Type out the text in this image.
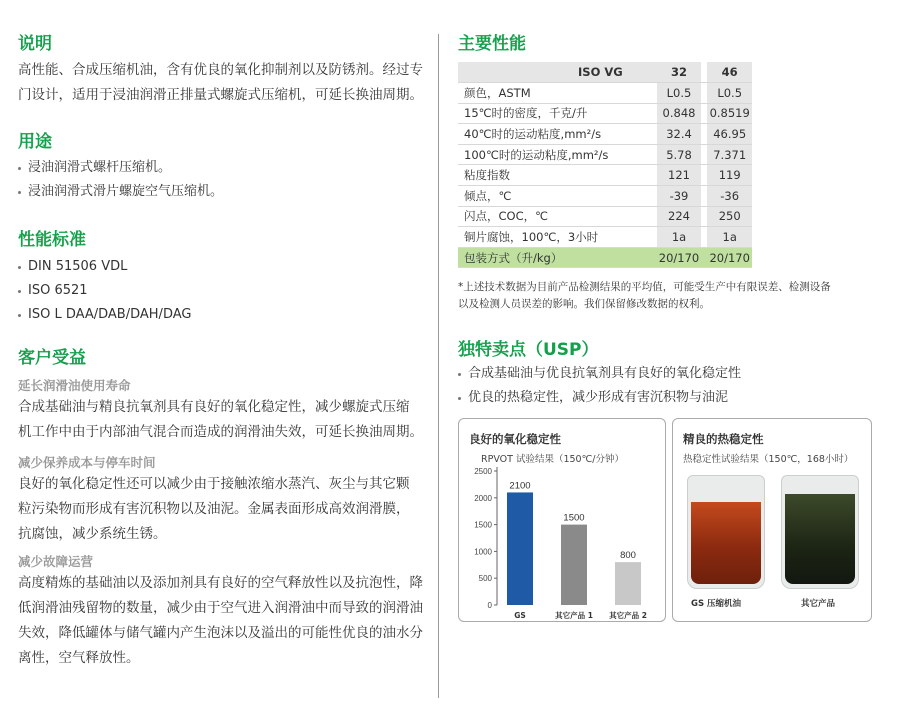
说明
高性能、合成压缩机油，含有优良的氧化抑制剂以及防锈剂。经过专
门设计，适用于浸油润滑正排量式螺旋式压缩机，可延长换油周期。
用途
浸油润滑式螺杆压缩机。
浸油润滑式滑片螺旋空气压缩机。
性能标准
DIN 51506 VDL
ISO 6521
ISO L DAA/DAB/DAH/DAG
客户受益
延长润滑油使用寿命
合成基础油与精良抗氧剂具有良好的氧化稳定性，减少螺旋式压缩
机工作中由于内部油气混合而造成的润滑油失效，可延长换油周期。
减少保养成本与停车时间
良好的氧化稳定性还可以减少由于接触浓缩水蒸汽、灰尘与其它颗
粒污染物而形成有害沉积物以及油泥。金属表面形成高效润滑膜，
抗腐蚀，减少系统生锈。
减少故障运营
高度精炼的基础油以及添加剂具有良好的空气释放性以及抗泡性，降
低润滑油残留物的数量，减少由于空气进入润滑油中而导致的润滑油
失效，降低罐体与储气罐内产生泡沫以及溢出的可能性优良的油水分
离性，空气释放性。
主要性能
ISO VG	32		46
颜色，ASTM	L0.5		L0.5
15℃时的密度，千克/升	0.848		0.8519
40℃时的运动粘度,mm²/s	32.4		46.95
100℃时的运动粘度,mm²/s	5.78		7.371
粘度指数	121		119
倾点，℃	-39		-36
闪点，COC，℃	224		250
铜片腐蚀，100℃，3小时	1a		1a
包装方式（升/kg）	20/170		20/170
*上述技术数据为目前产品检测结果的平均值，可能受生产中有限误差、检测设备
以及检测人员误差的影响。我们保留修改数据的权利。
独特卖点（USP）
合成基础油与优良抗氧剂具有良好的氧化稳定性
优良的热稳定性，减少形成有害沉积物与油泥
良好的氧化稳定性
RPVOT 试验结果（150℃/分钟）
0
500
1000
1500
2000
2500
2100
GS
1500
其它产品 1
800
其它产品 2
精良的热稳定性
热稳定性试验结果（150℃，168小时）
GS 压缩机油	其它产品
